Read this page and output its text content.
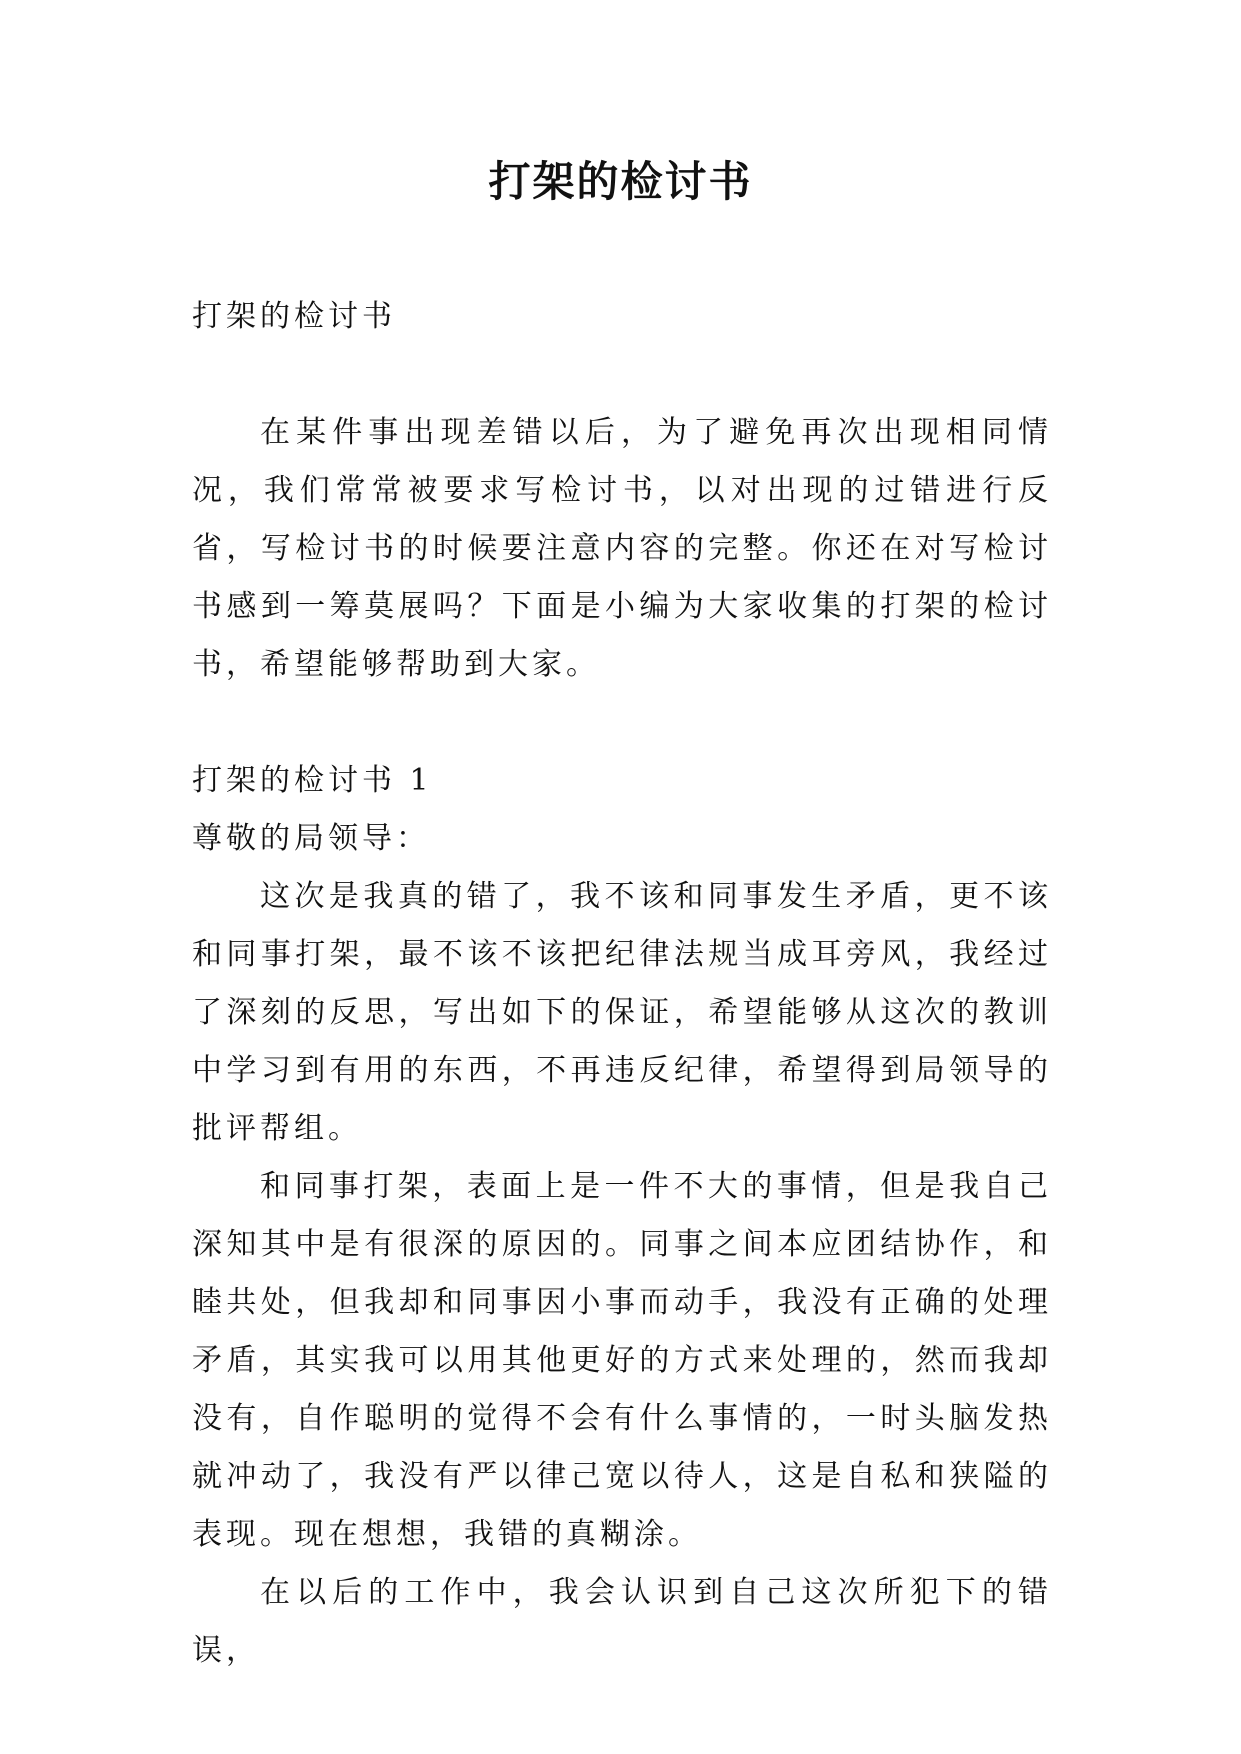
打架的检讨书

打架的检讨书

在某件事出现差错以后，为了避免再次出现相同情况，我们常常被要求写检讨书，以对出现的过错进行反省，写检讨书的时候要注意内容的完整。你还在对写检讨书感到一筹莫展吗？下面是小编为大家收集的打架的检讨书，希望能够帮助到大家。

打架的检讨书 1

尊敬的局领导：

这次是我真的错了，我不该和同事发生矛盾，更不该和同事打架，最不该不该把纪律法规当成耳旁风，我经过了深刻的反思，写出如下的保证，希望能够从这次的教训中学习到有用的东西，不再违反纪律，希望得到局领导的批评帮组。

和同事打架，表面上是一件不大的事情，但是我自己深知其中是有很深的原因的。同事之间本应团结协作，和睦共处，但我却和同事因小事而动手，我没有正确的处理矛盾，其实我可以用其他更好的方式来处理的，然而我却没有，自作聪明的觉得不会有什么事情的，一时头脑发热就冲动了，我没有严以律己宽以待人，这是自私和狭隘的表现。现在想想，我错的真糊涂。

在以后的工作中，我会认识到自己这次所犯下的错误，
